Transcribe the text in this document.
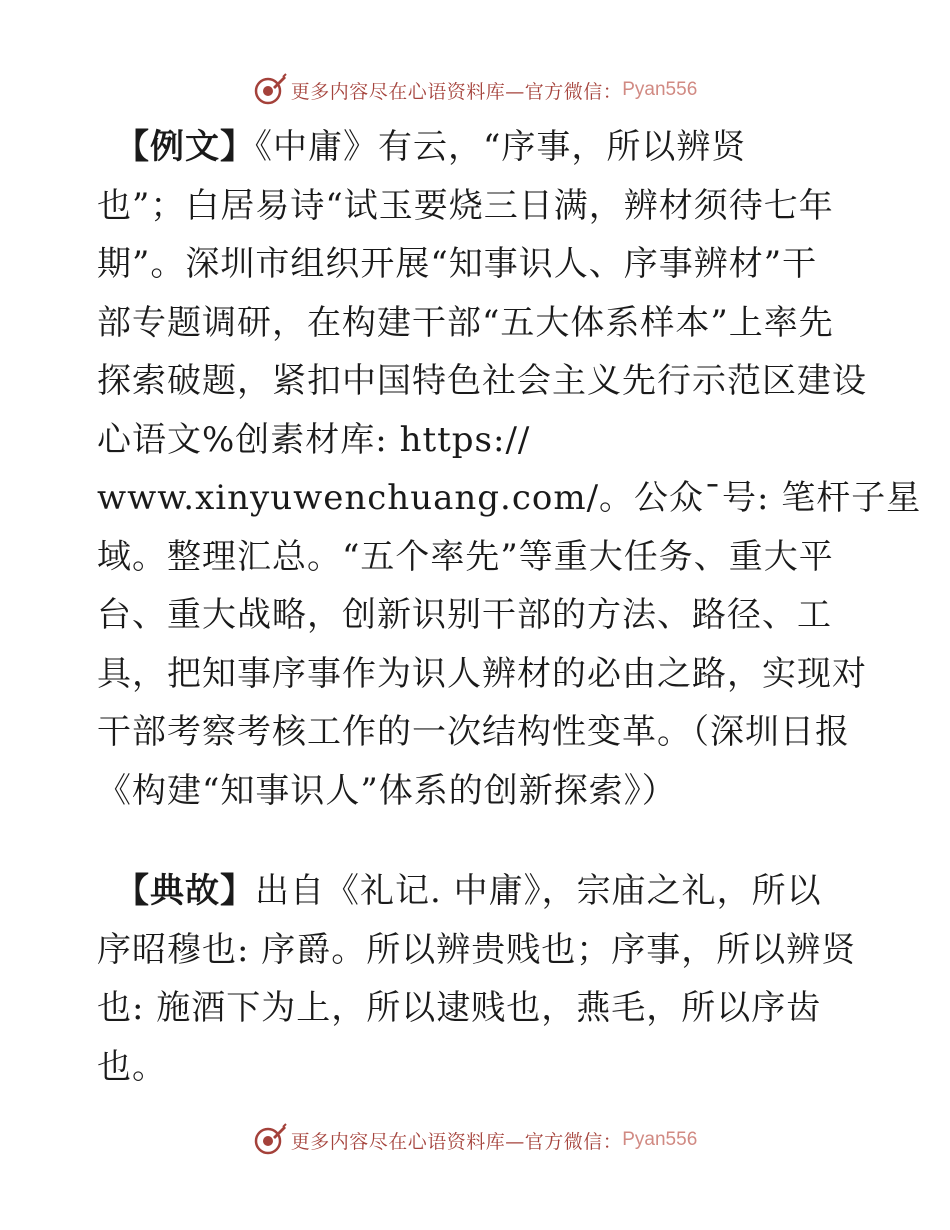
更多内容尽在心语资料库—官方微信： Pyan556
【例文】《中庸》有云，“序事，所以辨贤
也”；白居易诗“试玉要烧三日满，辨材须待七年
期”。深圳市组织开展“知事识人、序事辨材”干
部专题调研，在构建干部“五大体系样本”上率先
探索破题，紧扣中国特色社会主义先行示范区建设
心语文%创素材库: https://
www.xinyuwenchuang.com/。公众¯号: 笔杆子星
域。整理汇总。“五个率先”等重大任务、重大平
台、重大战略，创新识别干部的方法、路径、工
具，把知事序事作为识人辨材的必由之路，实现对
干部考察考核工作的一次结构性变革。（深圳日报
《构建“知事识人”体系的创新探索》）
【典故】出自《礼记. 中庸》，宗庙之礼，所以
序昭穆也: 序爵。所以辨贵贱也；序事，所以辨贤
也: 施酒下为上，所以逮贱也，燕毛，所以序齿
也。
更多内容尽在心语资料库—官方微信： Pyan556
